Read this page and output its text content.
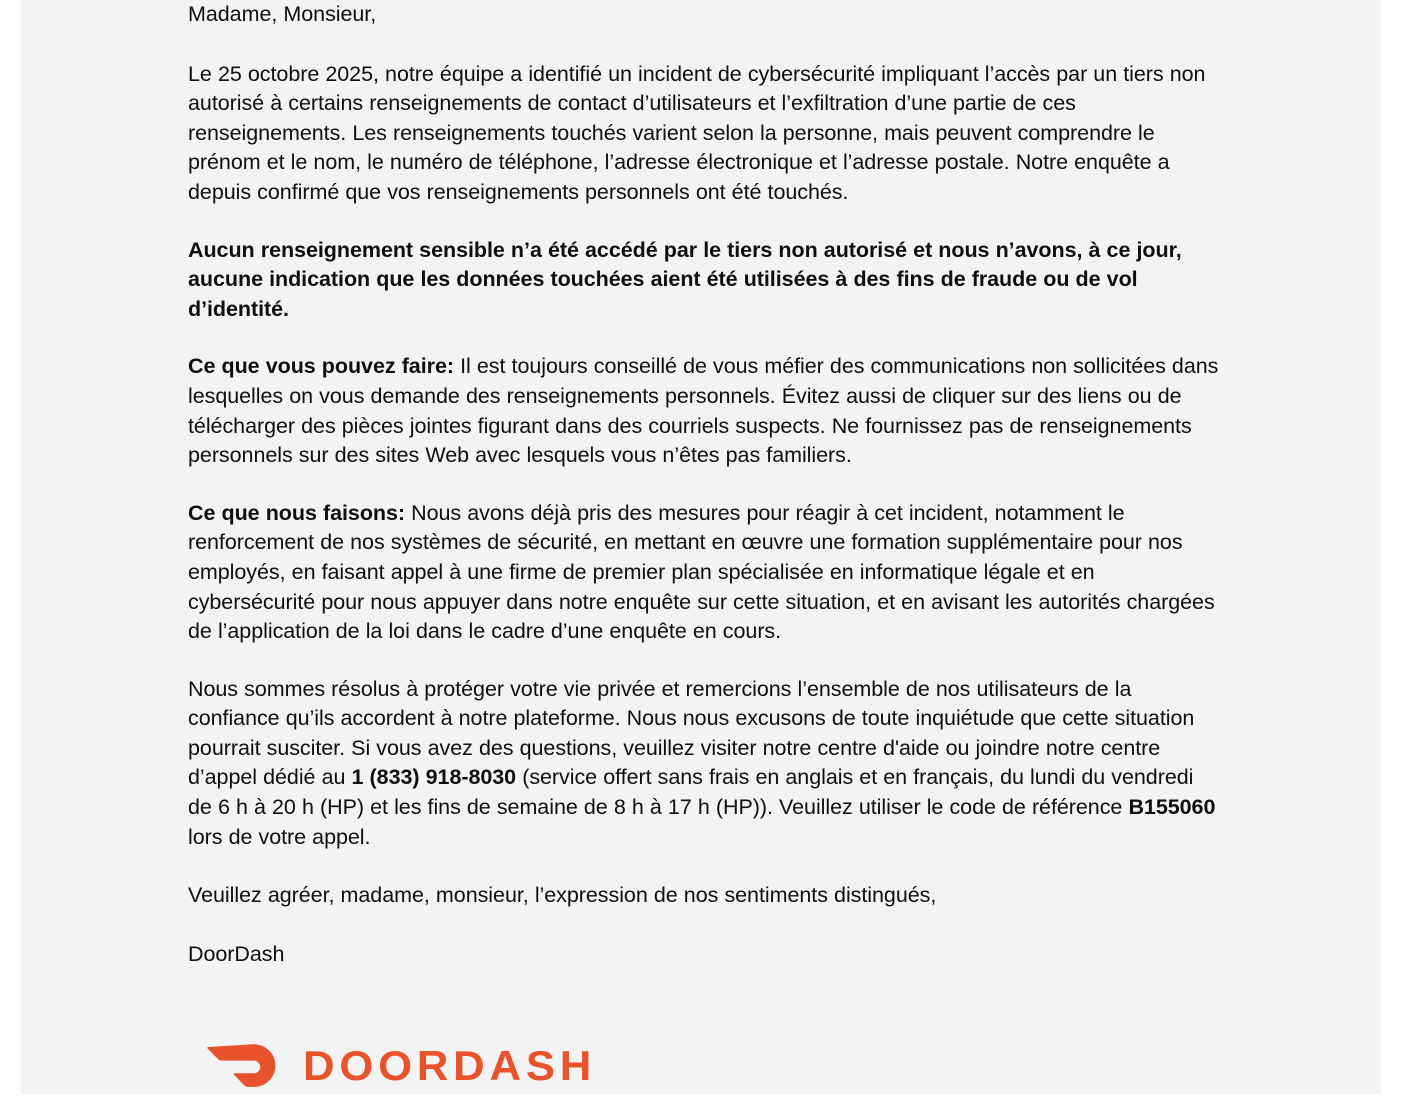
Madame, Monsieur,

Le 25 octobre 2025, notre équipe a identifié un incident de cybersécurité impliquant l’accès par un tiers non autorisé à certains renseignements de contact d’utilisateurs et l’exfiltration d’une partie de ces renseignements. Les renseignements touchés varient selon la personne, mais peuvent comprendre le prénom et le nom, le numéro de téléphone, l’adresse électronique et l’adresse postale. Notre enquête a depuis confirmé que vos renseignements personnels ont été touchés.

Aucun renseignement sensible n’a été accédé par le tiers non autorisé et nous n’avons, à ce jour, aucune indication que les données touchées aient été utilisées à des fins de fraude ou de vol d’identité.

Ce que vous pouvez faire: Il est toujours conseillé de vous méfier des communications non sollicitées dans lesquelles on vous demande des renseignements personnels. Évitez aussi de cliquer sur des liens ou de télécharger des pièces jointes figurant dans des courriels suspects. Ne fournissez pas de renseignements personnels sur des sites Web avec lesquels vous n’êtes pas familiers.

Ce que nous faisons: Nous avons déjà pris des mesures pour réagir à cet incident, notamment le renforcement de nos systèmes de sécurité, en mettant en œuvre une formation supplémentaire pour nos employés, en faisant appel à une firme de premier plan spécialisée en informatique légale et en cybersécurité pour nous appuyer dans notre enquête sur cette situation, et en avisant les autorités chargées de l’application de la loi dans le cadre d’une enquête en cours.

Nous sommes résolus à protéger votre vie privée et remercions l’ensemble de nos utilisateurs de la confiance qu’ils accordent à notre plateforme. Nous nous excusons de toute inquiétude que cette situation pourrait susciter. Si vous avez des questions, veuillez visiter notre centre d'aide ou joindre notre centre d’appel dédié au 1 (833) 918-8030 (service offert sans frais en anglais et en français, du lundi du vendredi de 6 h à 20 h (HP) et les fins de semaine de 8 h à 17 h (HP)). Veuillez utiliser le code de référence B155060 lors de votre appel.

Veuillez agréer, madame, monsieur, l’expression de nos sentiments distingués,

DoorDash

DOORDASH
